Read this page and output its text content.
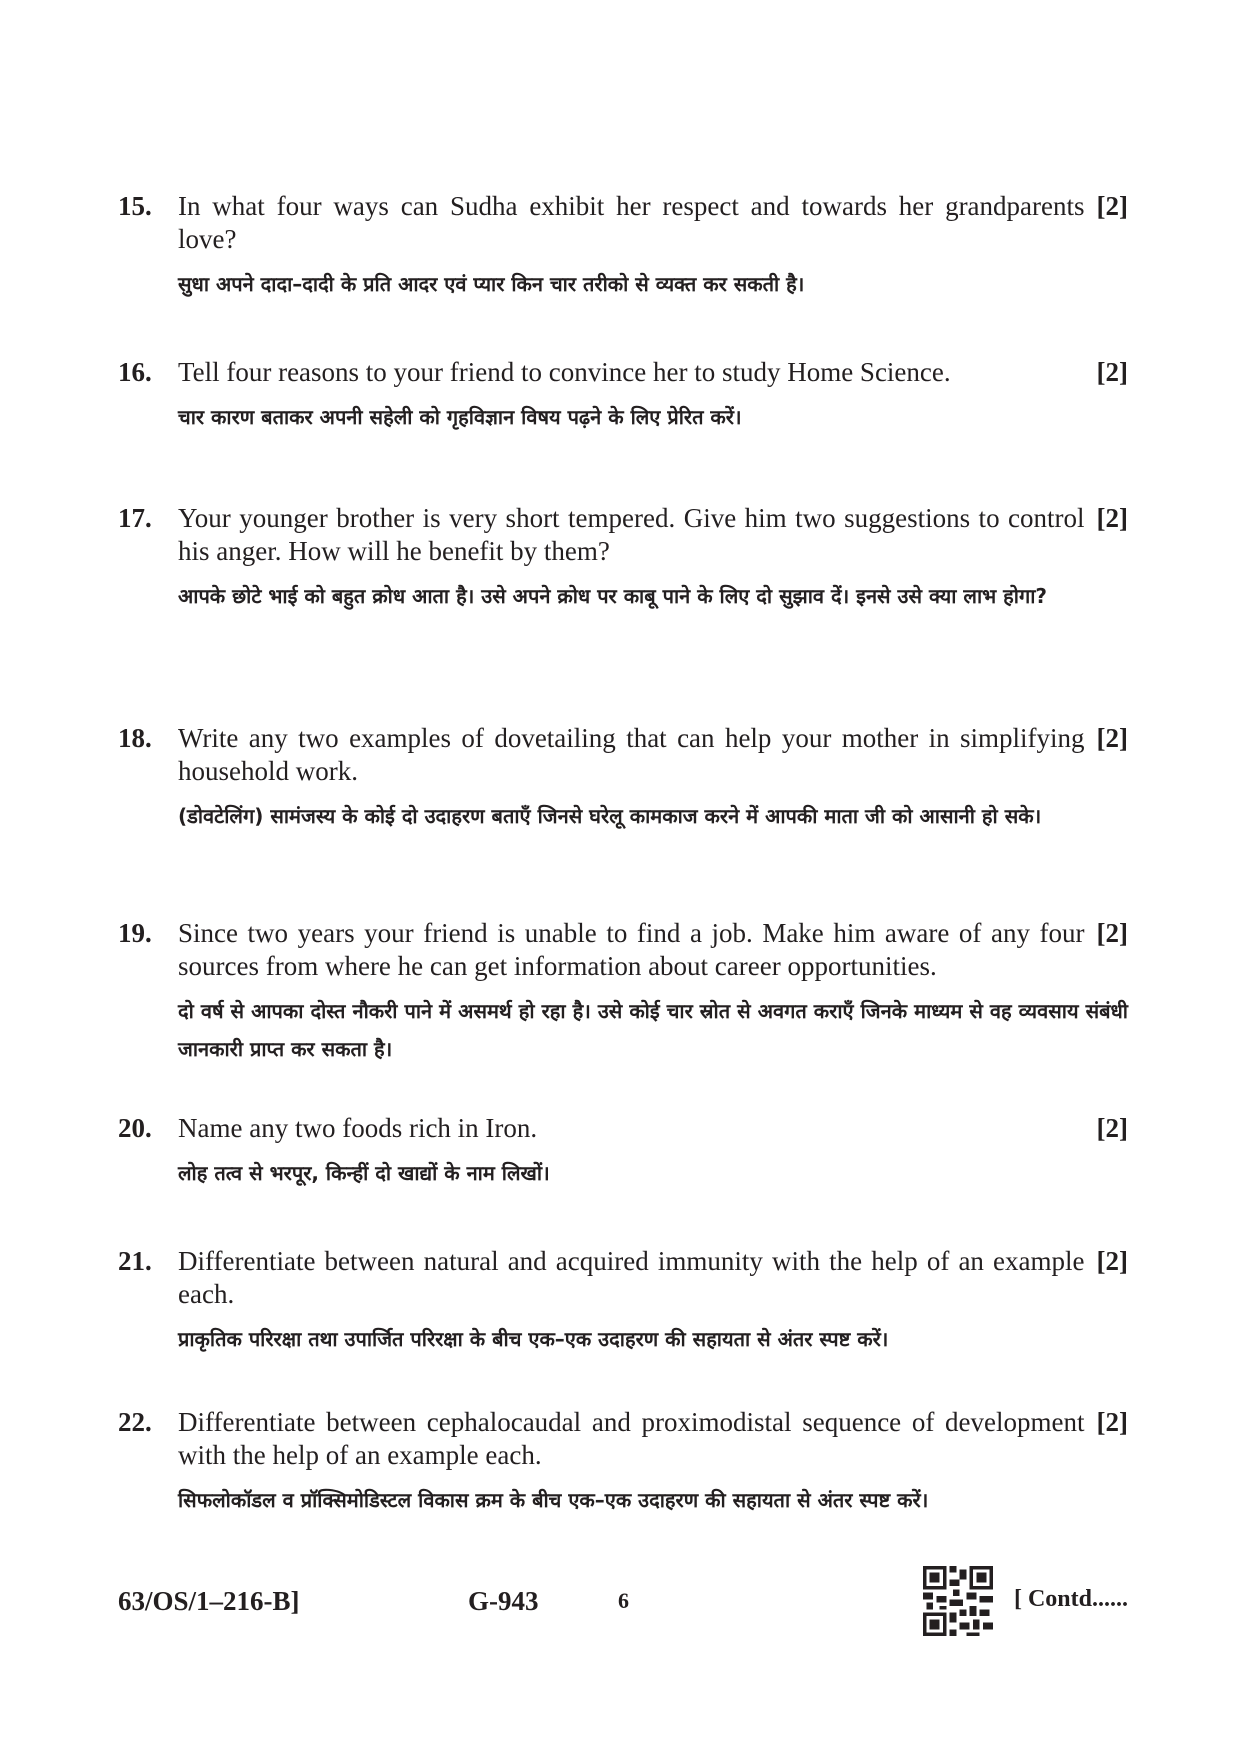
15.	[2]
In what four ways can Sudha exhibit her respect and towards her grandparents love?
सुधा अपने दादा–दादी के प्रति आदर एवं प्यार किन चार तरीको से व्यक्त कर सकती है।
16.	[2]
Tell four reasons to your friend to convince her to study Home Science.
चार कारण बताकर अपनी सहेली को गृहविज्ञान विषय पढ़ने के लिए प्रेरित करें।
17.	[2]
Your younger brother is very short tempered. Give him two suggestions to control his anger. How will he benefit by them?
आपके छोटे भाई को बहुत क्रोध आता है। उसे अपने क्रोध पर काबू पाने के लिए दो सुझाव दें। इनसे उसे क्या लाभ होगा?
18.	[2]
Write any two examples of dovetailing that can help your mother in simplifying household work.
(डोवटेलिंग) सामंजस्य के कोई दो उदाहरण बताएँ जिनसे घरेलू कामकाज करने में आपकी माता जी को आसानी हो सके।
19.	[2]
Since two years your friend is unable to find a job. Make him aware of any four sources from where he can get information about career opportunities.
दो वर्ष से आपका दोस्त नौकरी पाने में असमर्थ हो रहा है। उसे कोई चार स्रोत से अवगत कराएँ जिनके माध्यम से वह व्यवसाय संबंधी जानकारी प्राप्त कर सकता है।
20.	[2]
Name any two foods rich in Iron.
लोह तत्व से भरपूर, किन्हीं दो खाद्यों के नाम लिखों।
21.	[2]
Differentiate between natural and acquired immunity with the help of an example each.
प्राकृतिक परिरक्षा तथा उपार्जित परिरक्षा के बीच एक–एक उदाहरण की सहायता से अंतर स्पष्ट करें।
22.	[2]
Differentiate between cephalocaudal and proximodistal sequence of development with the help of an example each.
सिफलोकॉडल व प्रॉक्सिमोडिस्टल विकास क्रम के बीच एक–एक उदाहरण की सहायता से अंतर स्पष्ट करें।
63/OS/1–216-B]	G-943	6	[ Contd......
